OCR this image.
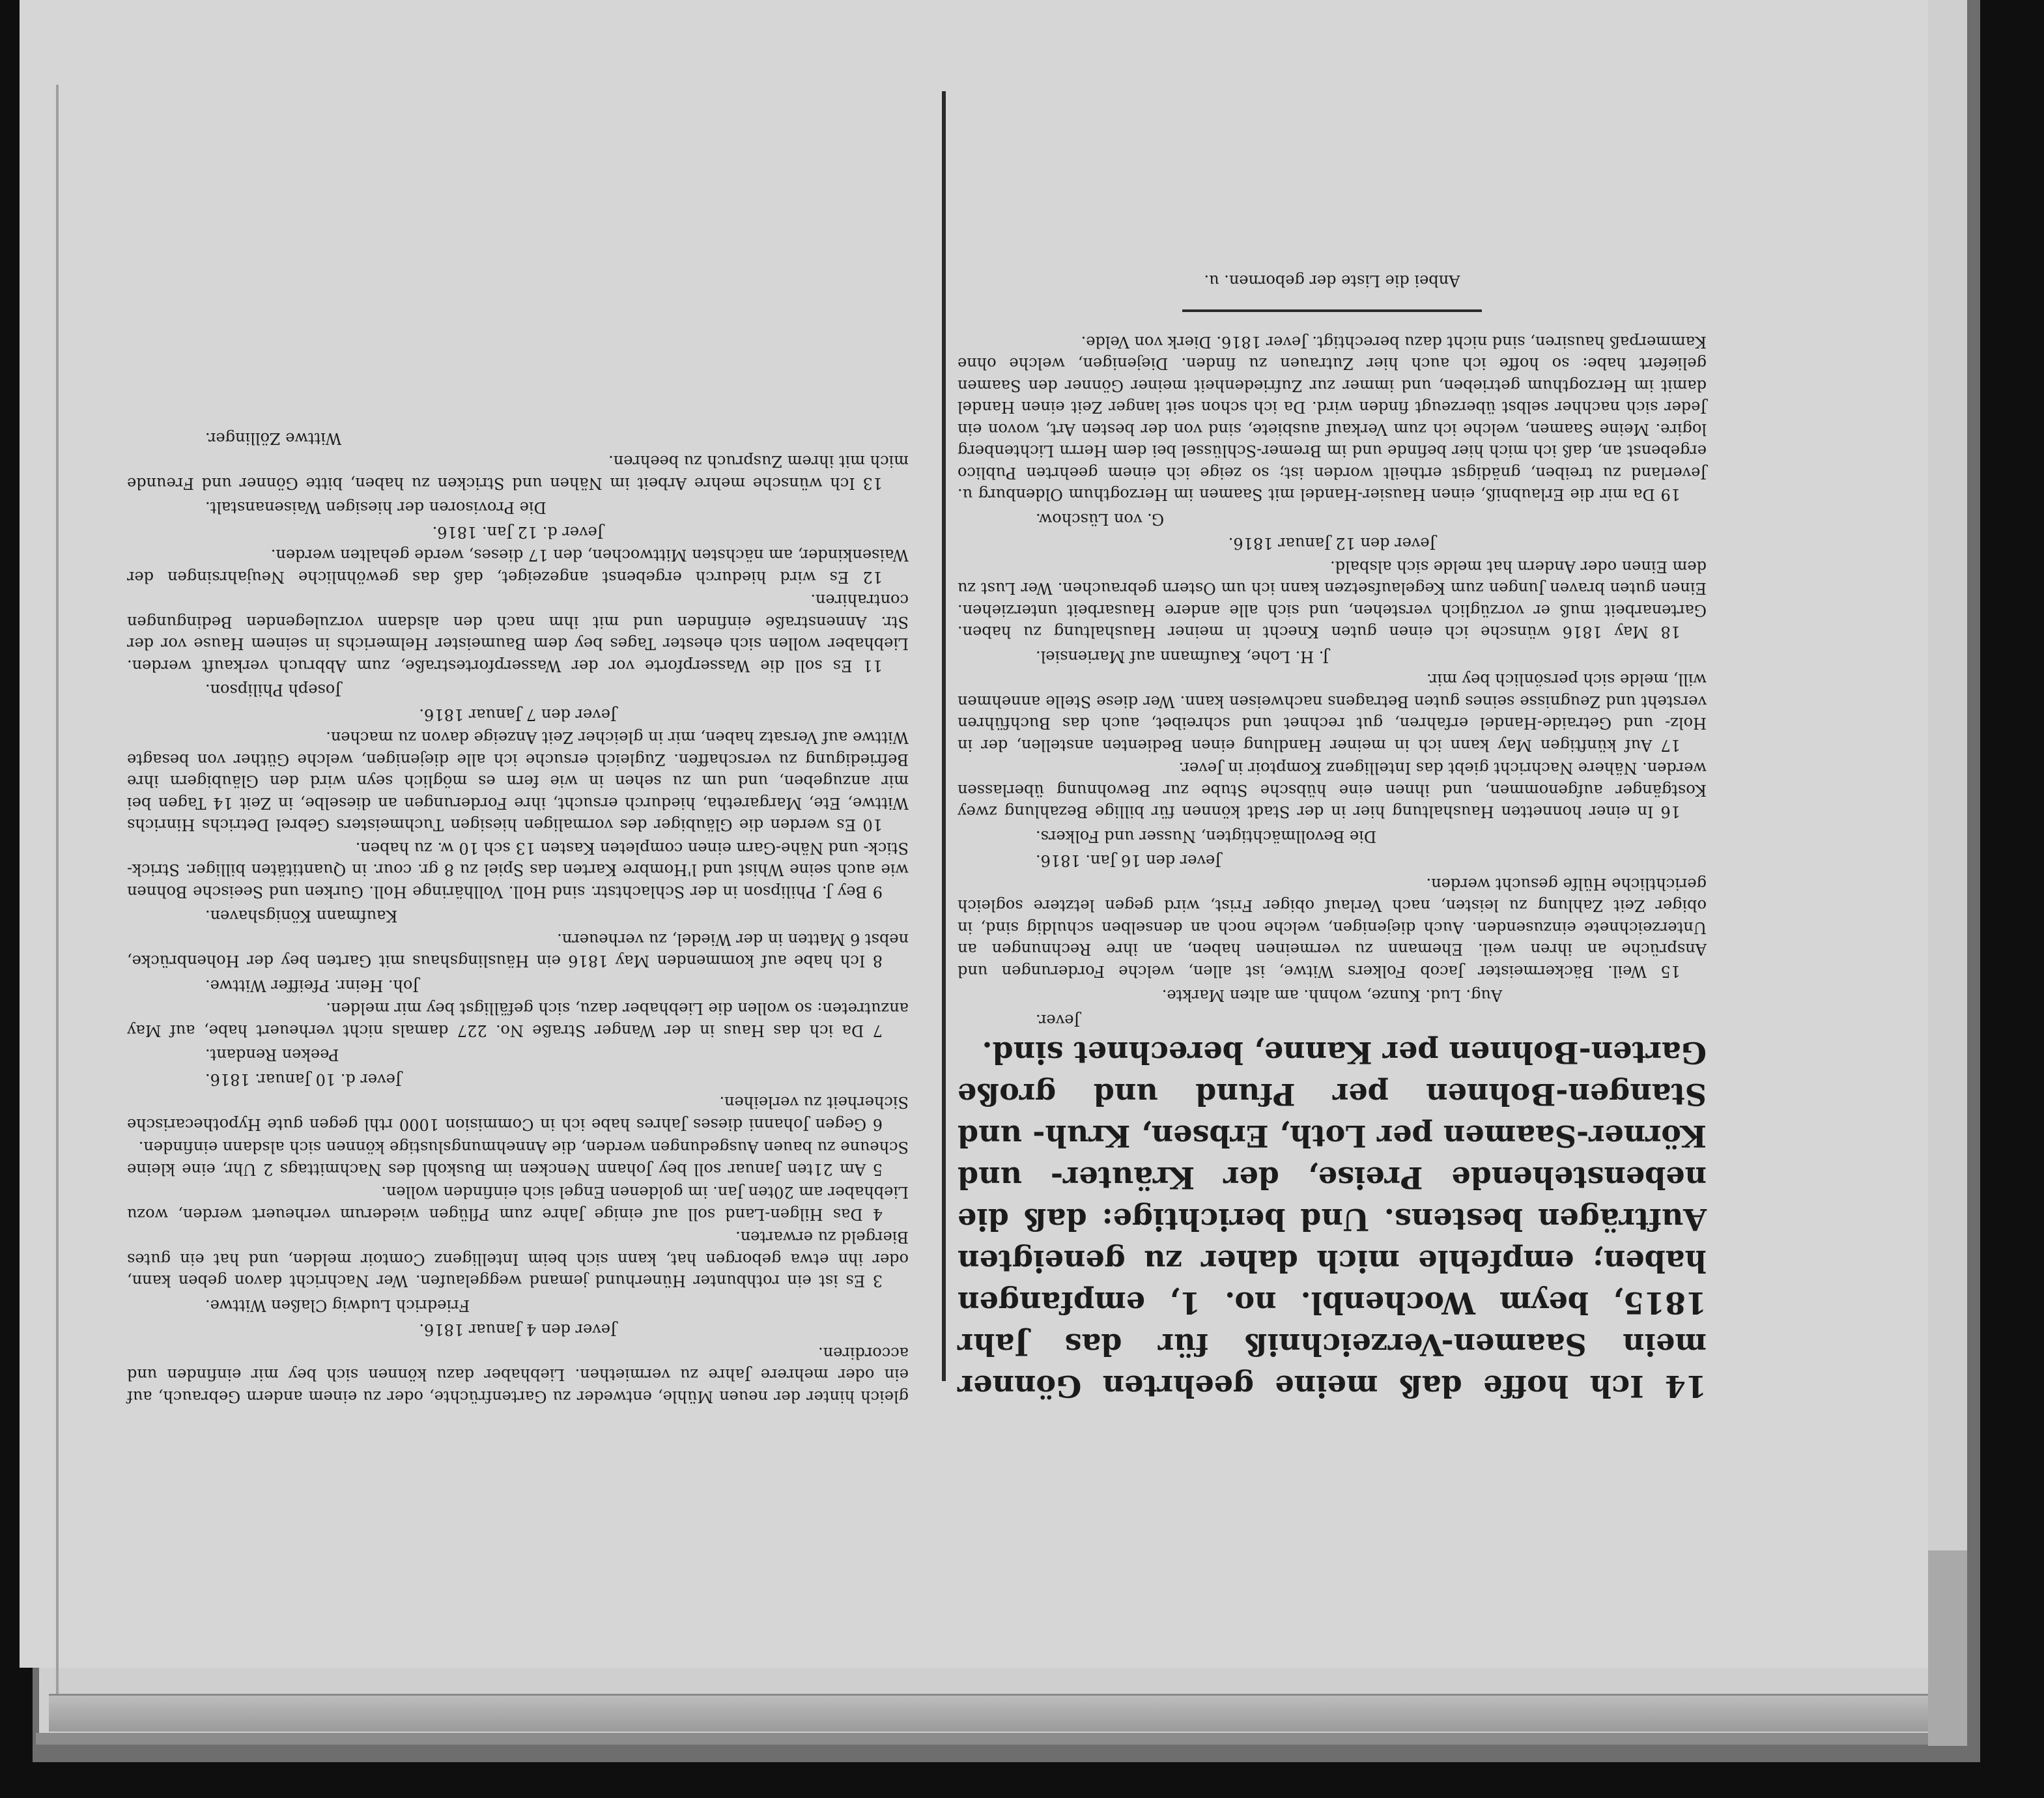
14 Ich hoffe daß meine geehrten Gönner mein Saamen-Verzeichniß für das Jahr 1815, beym Wochenbl. no. 1, empfangen haben; empfehle mich daher zu geneigten Aufträgen bestens. Und berichtige: daß die nebenstehende Preise, der Kräuter- und Körner-Saamen per Loth, Erbsen, Kruh- und Stangen-Bohnen per Pfund und große Garten-Bohnen per Kanne, berechnet sind.

Jever.

Aug. Lud. Kunze, wohnh. am alten Markte.

15 Weil. Bäckermeister Jacob Folkers Witwe, ist allen, welche Forderungen und Ansprüche an ihren weil. Ehemann zu vermeinen haben, an ihre Rechnungen an Unterzeichnete einzusenden. Auch diejenigen, welche noch an denselben schuldig sind, in obiger Zeit Zahlung zu leisten, nach Verlauf obiger Frist, wird gegen letztere sogleich gerichtliche Hülfe gesucht werden.

Jever den 16 Jan. 1816.

Die Bevollmächtigten, Nusser und Folkers.

16 In einer honnetten Haushaltung hier in der Stadt können für billige Bezahlung zwey Kostgänger aufgenommen, und ihnen eine hübsche Stube zur Bewohnung überlassen werden. Nähere Nachricht giebt das Intelligenz Komptoir in Jever.

17 Auf künftigen May kann ich in meiner Handlung einen Bedienten anstellen, der in Holz- und Getraide-Handel erfahren, gut rechnet und schreibet, auch das Buchführen versteht und Zeugnisse seines guten Betragens nachweisen kann. Wer diese Stelle annehmen will, melde sich persönlich bey mir.

J. H. Lohe, Kaufmann auf Mariensiel.

18 May 1816 wünsche ich einen guten Knecht in meiner Haushaltung zu haben. Gartenarbeit muß er vorzüglich verstehen, und sich alle andere Hausarbeit unterziehen. Einen guten braven Jungen zum Kegelaufsetzen kann ich um Ostern gebrauchen. Wer Lust zu dem Einen oder Andern hat melde sich alsbald.

Jever den 12 Januar 1816.

G. von Lüschow.

19 Da mir die Erlaubniß, einen Hausier-Handel mit Saamen im Herzogthum Oldenburg u. Jeverland zu treiben, gnädigst ertheilt worden ist; so zeige ich einem geehrten Publico ergebenst an, daß ich mich hier befinde und im Bremer-Schlüssel bei dem Herrn Lichtenberg logire. Meine Saamen, welche ich zum Verkauf ausbiete, sind von der besten Art, wovon ein Jeder sich nachher selbst überzeugt finden wird. Da ich schon seit langer Zeit einen Handel damit im Herzogthum getrieben, und immer zur Zufriedenheit meiner Gönner den Saamen geliefert habe: so hoffe ich auch hier Zutrauen zu finden. Diejenigen, welche ohne Kammerpaß hausiren, sind nicht dazu berechtigt. Jever 1816. Dierk von Velde.

Anbei die Liste der gebornen. u.

gleich hinter der neuen Mühle, entweder zu Gartenfrüchte, oder zu einem andern Gebrauch, auf ein oder mehrere Jahre zu vermiethen. Liebhaber dazu können sich bey mir einfinden und accordiren.

Jever den 4 Januar 1816.

Friedrich Ludwig Claßen Wittwe.

3 Es ist ein rothbunter Hünerhund jemand weggelaufen. Wer Nachricht davon geben kann, oder ihn etwa geborgen hat, kann sich beim Intelligenz Comtoir melden, und hat ein gutes Biergeld zu erwarten.

4 Das Hilgen-Land soll auf einige Jahre zum Pflügen wiederum verheuert werden, wozu Liebhaber am 20ten Jan. im goldenen Engel sich einfinden wollen.

5 Am 21ten Januar soll bey Johann Nencken im Buskohl des Nachmittags 2 Uhr, eine kleine Scheune zu bauen Ausgedungen werden, die Annehmungslustige können sich alsdann einfinden.

6 Gegen Johanni dieses Jahres habe ich in Commision 1000 rthl gegen gute Hypothecarische Sicherheit zu verleihen.

Jever d. 10 Januar. 1816.

Peeken Rendant.

7 Da ich das Haus in der Wanger Straße No. 227 damals nicht verheuert habe, auf May anzutreten: so wollen die Liebhaber dazu, sich gefälligst bey mir melden.

Joh. Heinr. Pfeiffer Wittwe.

8 Ich habe auf kommenden May 1816 ein Häuslingshaus mit Garten bey der Hohenbrücke, nebst 6 Matten in der Wiedel, zu verheuern.

Kaufmann Königshaven.

9 Bey J. Philipson in der Schlachtstr. sind Holl. Vollhäringe Holl. Gurken und Seeische Bohnen wie auch seine Whist und l'Hombre Karten das Spiel zu 8 gr. cour. in Quantitäten billiger. Strick-Stick- und Nähe-Garn einen completen Kasten 13 sch 10 w. zu haben.

10 Es werden die Gläubiger des vormaligen hiesigen Tuchmeisters Gebrel Detrichs Hinrichs Wittwe, Ete, Margaretha, hiedurch ersucht, ihre Forderungen an dieselbe, in Zeit 14 Tagen bei mir anzugeben, und um zu sehen in wie fern es möglich seyn wird den Gläubigern ihre Befriedigung zu verschaffen. Zugleich ersuche ich alle diejenigen, welche Güther von besagte Wittwe auf Versatz haben, mir in gleicher Zeit Anzeige davon zu machen.

Jever den 7 Januar 1816.

Joseph Philipson.

11 Es soll die Wasserpforte vor der Wasserpfortestraße, zum Abbruch verkauft werden. Liebhaber wollen sich ehester Tages bey dem Baumeister Helmerichs in seinem Hause vor der Str. Annenstraße einfinden und mit ihm nach den alsdann vorzulegenden Bedingungen contrahiren.

12 Es wird hiedurch ergebenst angezeiget, daß das gewöhnliche Neujahrsingen der Waisenkinder, am nächsten Mittwochen, den 17 dieses, werde gehalten werden.

Jever d. 12 Jan. 1816.

Die Provisoren der hiesigen Waisenanstalt.

13 Ich wünsche mehre Arbeit im Nähen und Stricken zu haben, bitte Gönner und Freunde mich mit ihrem Zuspruch zu beehren.

Wittwe Zöllinger.
